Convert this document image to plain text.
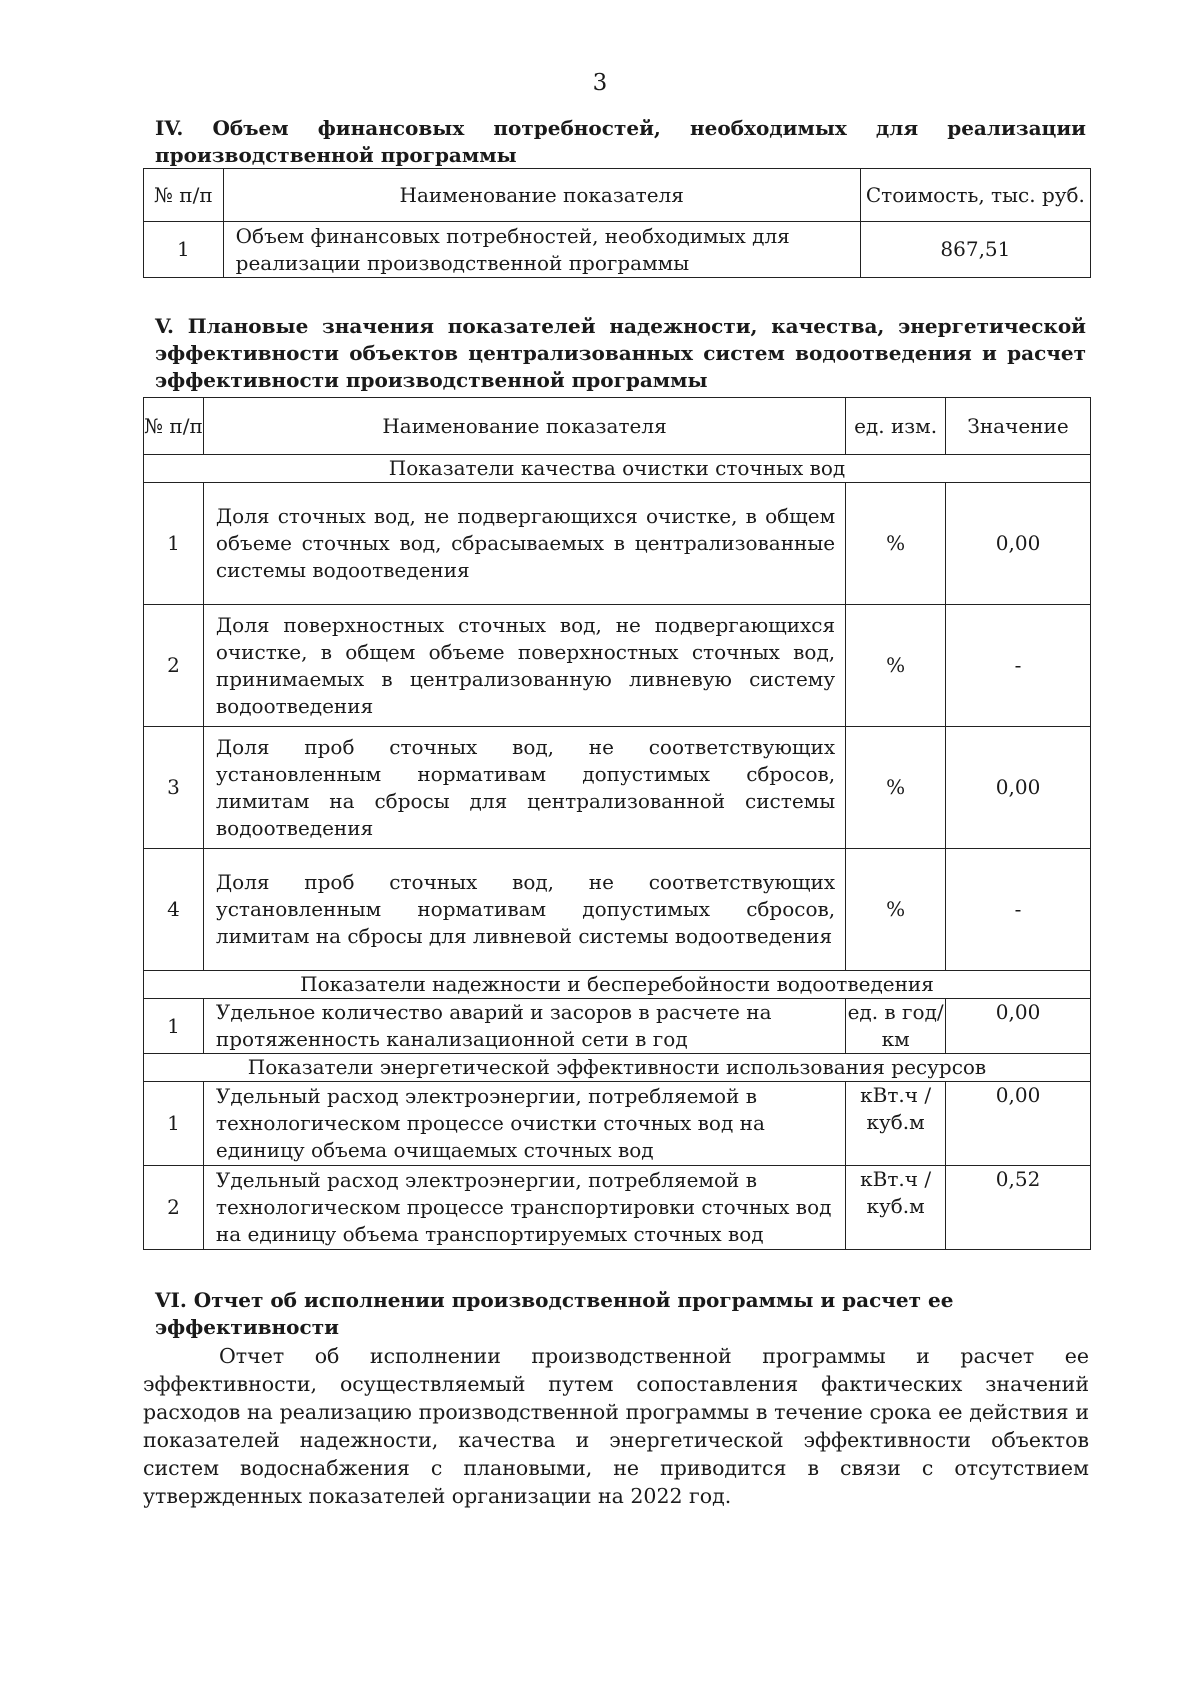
3
IV. Объем финансовых потребностей, необходимых для реализации производственной программы
№ п/п	Наименование показателя	Стоимость, тыс. руб.
1	Объем финансовых потребностей, необходимых для реализации производственной программы	867,51
V. Плановые значения показателей надежности, качества, энергетической эффективности объектов централизованных систем водоотведения и расчет эффективности производственной программы
№ п/п	Наименование показателя	ед. изм.	Значение
Показатели качества очистки сточных вод			
1	Доля сточных вод, не подвергающихся очистке, в общем объеме сточных вод, сбрасываемых в централизованные системы водоотведения	%	0,00
2	Доля поверхностных сточных вод, не подвергающихся очистке, в общем объеме поверхностных сточных вод, принимаемых в централизованную ливневую систему водоотведения	%	-
3	Доля проб сточных вод, не соответствующих установленным нормативам допустимых сбросов, лимитам на сбросы для централизованной системы водоотведения	%	0,00
4	Доля проб сточных вод, не соответствующих установленным нормативам допустимых сбросов, лимитам на сбросы для ливневой системы водоотведения	%	-
Показатели надежности и бесперебойности водоотведения			
1	Удельное количество аварий и засоров в расчете на протяженность канализационной сети в год	ед. в год/ км	0,00
Показатели энергетической эффективности использования ресурсов			
1	Удельный расход электроэнергии, потребляемой в технологическом процессе очистки сточных вод на единицу объема очищаемых сточных вод	кВт.ч / куб.м	0,00
2	Удельный расход электроэнергии, потребляемой в технологическом процессе транспортировки сточных вод на единицу объема транспортируемых сточных вод	кВт.ч / куб.м	0,52
VI. Отчет об исполнении производственной программы и расчет ее эффективности
Отчет об исполнении производственной программы и расчет ее эффективности, осуществляемый путем сопоставления фактических значений расходов на реализацию производственной программы в течение срока ее действия и показателей надежности, качества и энергетической эффективности объектов систем водоснабжения с плановыми, не приводится в связи с отсутствием утвержденных показателей организации на 2022 год.
